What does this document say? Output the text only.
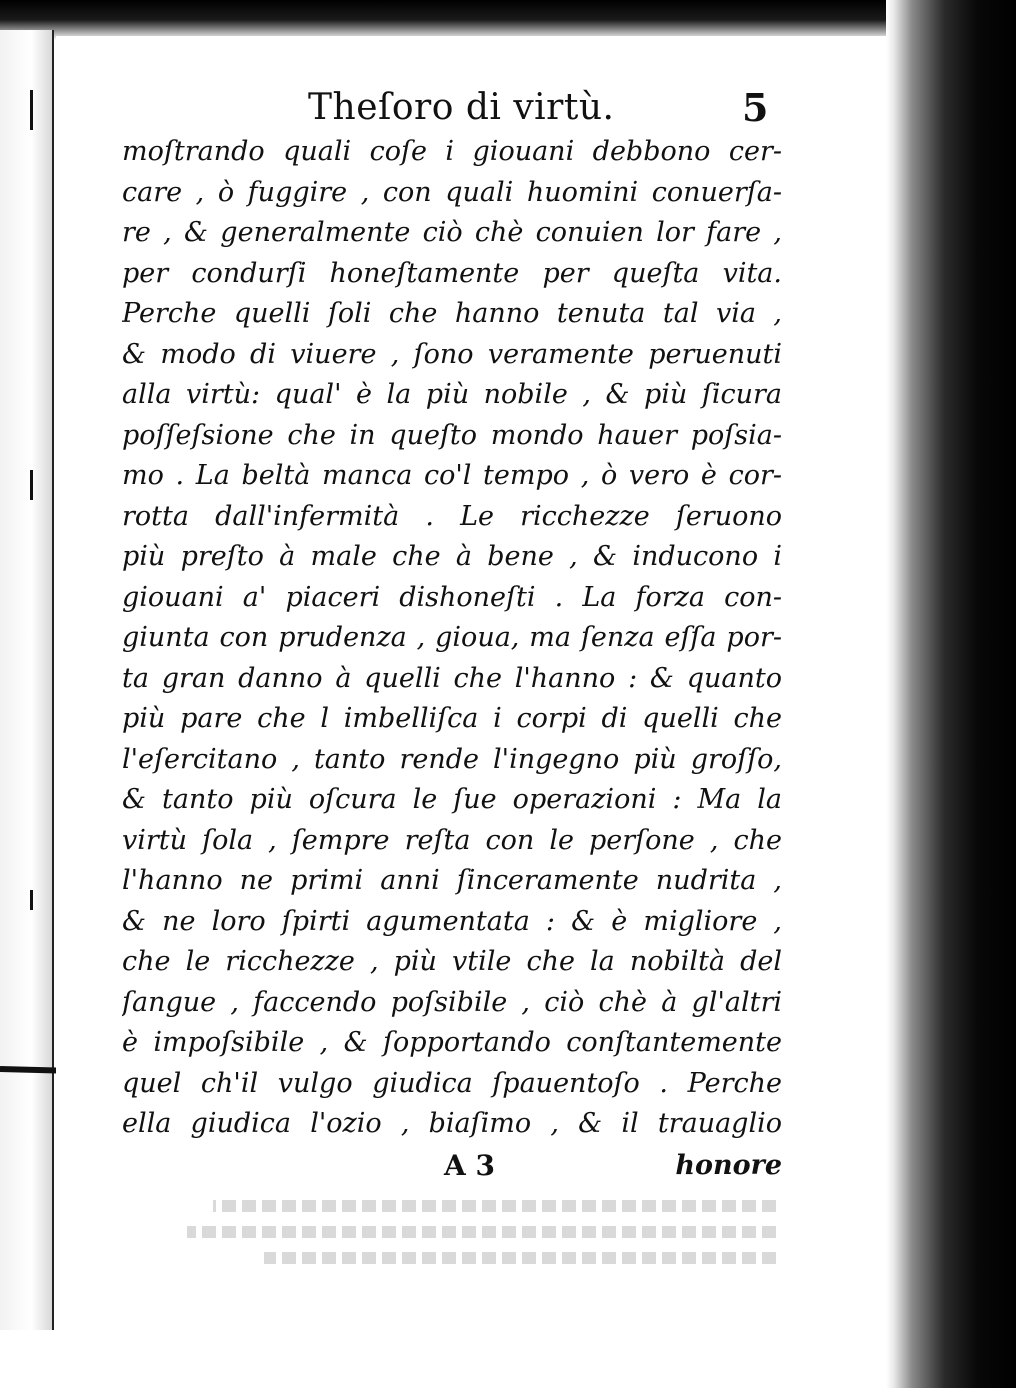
Theſoro di virtù.	5
moſtrando quali coſe i giouani debbono cer-
care , ò fuggire , con quali huomini conuerſa-
re , & generalmente ciò chè conuien lor fare ,
per condurſi honeſtamente per queſta vita.
Perche quelli ſoli che hanno tenuta tal via ,
& modo di viuere , ſono veramente peruenuti
alla virtù: qual' è la più nobile , & più ſicura
poſſeſsione che in queſto mondo hauer poſsia-
mo . La beltà manca co'l tempo , ò vero è cor-
rotta dall'infermità . Le ricchezze ſeruono
più preſto à male che à bene , & inducono i
giouani a' piaceri dishoneſti . La forza con-
giunta con prudenza , gioua, ma ſenza eſſa por-
ta gran danno à quelli che l'hanno : & quanto
più pare che l imbelliſca i corpi di quelli che
l'eſercitano , tanto rende l'ingegno più groſſo,
& tanto più oſcura le ſue operazioni : Ma la
virtù ſola , ſempre reſta con le perſone , che
l'hanno ne primi anni ſinceramente nudrita ,
& ne loro ſpirti agumentata : & è migliore ,
che le ricchezze , più vtile che la nobiltà del
ſangue , faccendo poſsibile , ciò chè à gl'altri
è impoſsibile , & ſopportando conſtantemente
quel ch'il vulgo giudica ſpauentoſo . Perche
ella giudica l'ozio , biaſimo , & il trauaglio
A 3	honore
